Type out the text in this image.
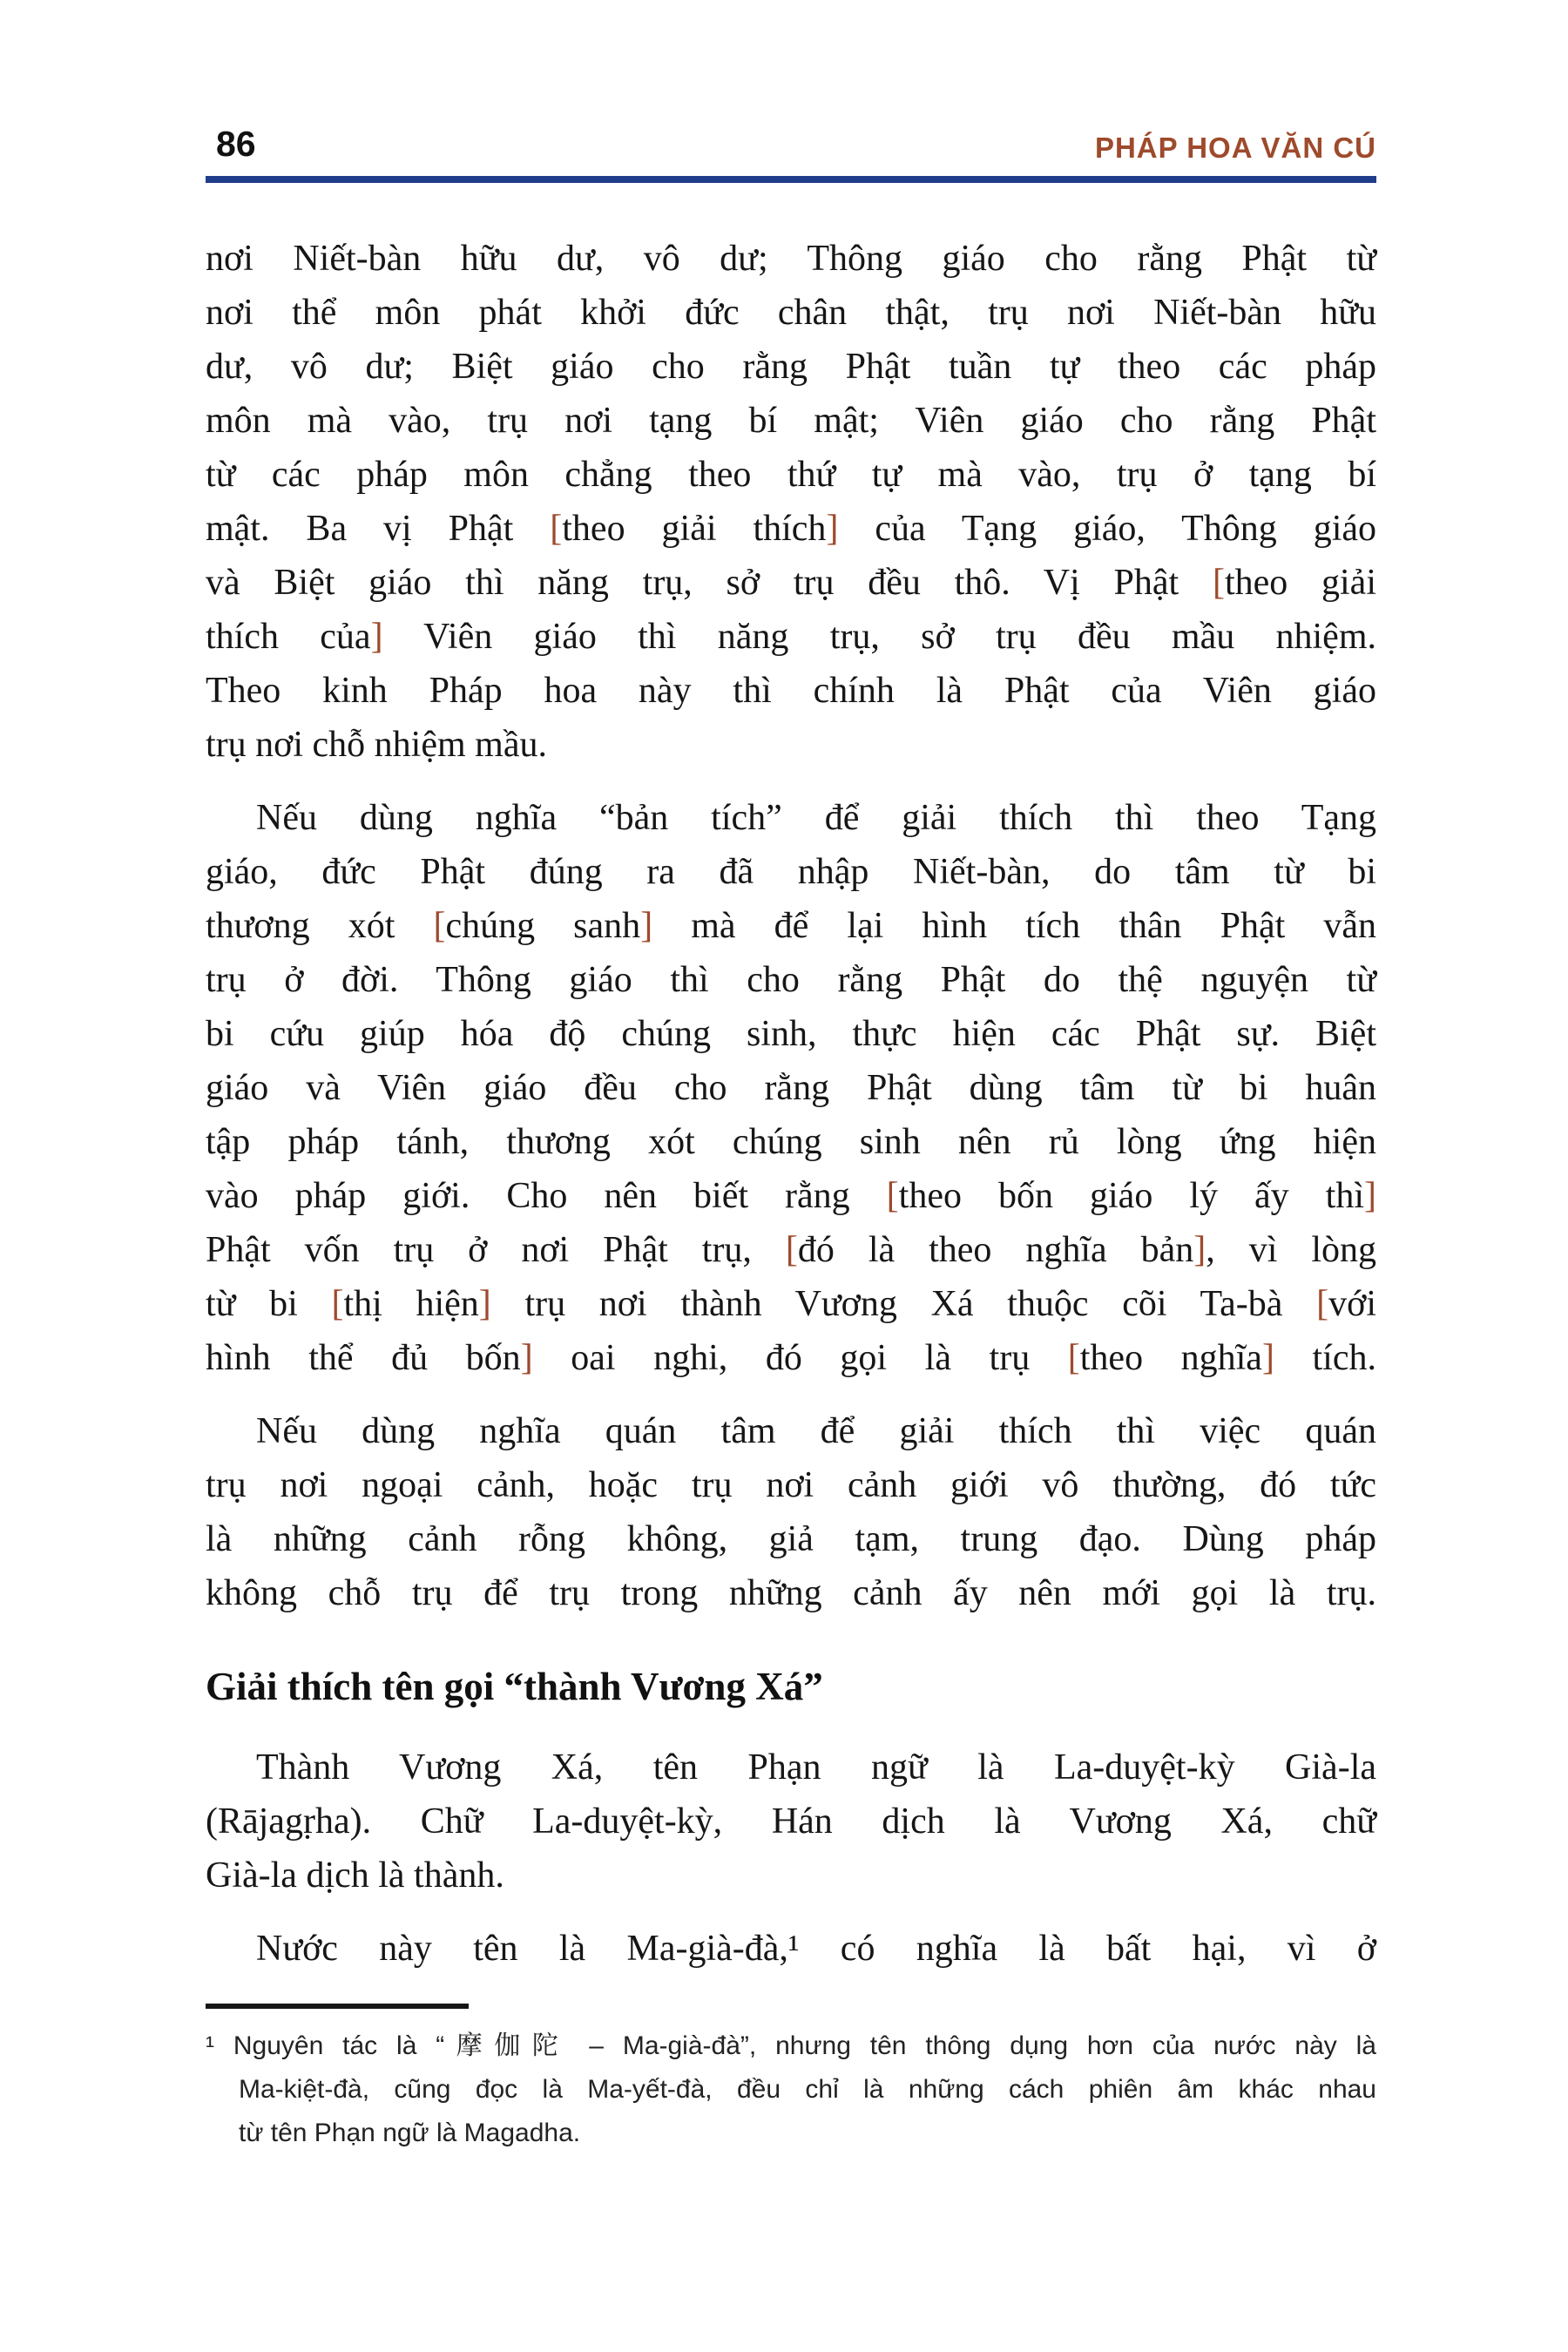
86	PHÁP HOA VĂN CÚ
nơi Niết-bàn hữu dư, vô dư; Thông giáo cho rằng Phật từ
nơi thể môn phát khởi đức chân thật, trụ nơi Niết-bàn hữu
dư, vô dư; Biệt giáo cho rằng Phật tuần tự theo các pháp
môn mà vào, trụ nơi tạng bí mật; Viên giáo cho rằng Phật
từ các pháp môn chẳng theo thứ tự mà vào, trụ ở tạng bí
mật. Ba vị Phật [theo giải thích] của Tạng giáo, Thông giáo
và Biệt giáo thì năng trụ, sở trụ đều thô. Vị Phật [theo giải
thích của] Viên giáo thì năng trụ, sở trụ đều mầu nhiệm.
Theo kinh Pháp hoa này thì chính là Phật của Viên giáo
trụ nơi chỗ nhiệm mầu.
Nếu dùng nghĩa “bản tích” để giải thích thì theo Tạng
giáo, đức Phật đúng ra đã nhập Niết-bàn, do tâm từ bi
thương xót [chúng sanh] mà để lại hình tích thân Phật vẫn
trụ ở đời. Thông giáo thì cho rằng Phật do thệ nguyện từ
bi cứu giúp hóa độ chúng sinh, thực hiện các Phật sự. Biệt
giáo và Viên giáo đều cho rằng Phật dùng tâm từ bi huân
tập pháp tánh, thương xót chúng sinh nên rủ lòng ứng hiện
vào pháp giới. Cho nên biết rằng [theo bốn giáo lý ấy thì]
Phật vốn trụ ở nơi Phật trụ, [đó là theo nghĩa bản], vì lòng
từ bi [thị hiện] trụ nơi thành Vương Xá thuộc cõi Ta-bà [với
hình thể đủ bốn] oai nghi, đó gọi là trụ [theo nghĩa] tích.
Nếu dùng nghĩa quán tâm để giải thích thì việc quán
trụ nơi ngoại cảnh, hoặc trụ nơi cảnh giới vô thường, đó tức
là những cảnh rỗng không, giả tạm, trung đạo. Dùng pháp
không chỗ trụ để trụ trong những cảnh ấy nên mới gọi là trụ.
Giải thích tên gọi “thành Vương Xá”
Thành Vương Xá, tên Phạn ngữ là La-duyệt-kỳ Già-la
(Rājagṛha). Chữ La-duyệt-kỳ, Hán dịch là Vương Xá, chữ
Già-la dịch là thành.
Nước này tên là Ma-già-đà,¹ có nghĩa là bất hại, vì ở
¹ Nguyên tác là “摩伽陀 – Ma-già-đà”, nhưng tên thông dụng hơn của nước này là
Ma-kiệt-đà, cũng đọc là Ma-yết-đà, đều chỉ là những cách phiên âm khác nhau
từ tên Phạn ngữ là Magadha.
